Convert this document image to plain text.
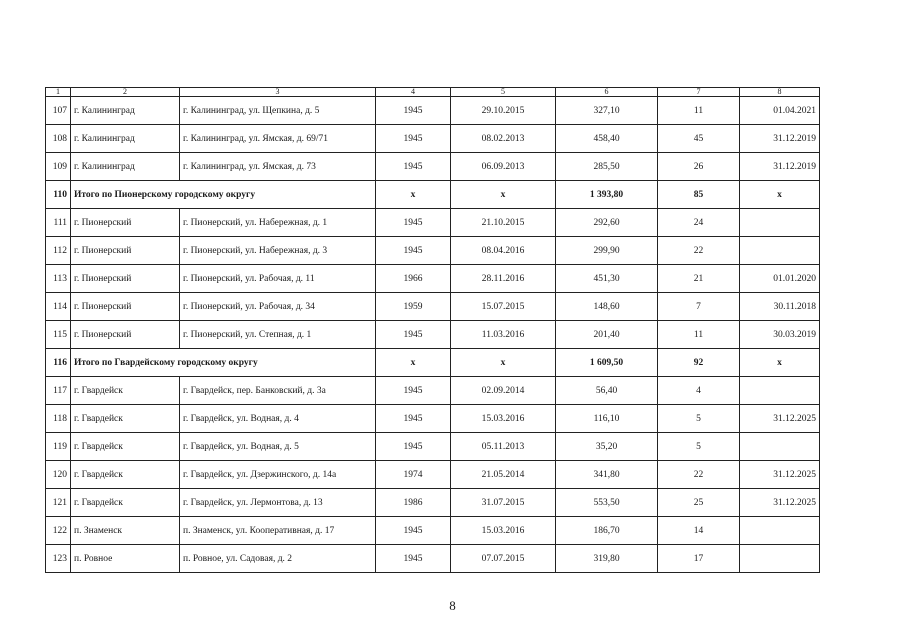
1	2	3	4	5	6	7	8
107	г. Калининград	г. Калининград, ул. Щепкина, д. 5	1945	29.10.2015	327,10	11	01.04.2021
108	г. Калининград	г. Калининград, ул. Ямская, д. 69/71	1945	08.02.2013	458,40	45	31.12.2019
109	г. Калининград	г. Калининград, ул. Ямская, д. 73	1945	06.09.2013	285,50	26	31.12.2019
110	Итого по Пионерскому городскому округу		x	x	1 393,80	85	x
111	г. Пионерский	г. Пионерский, ул. Набережная, д. 1	1945	21.10.2015	292,60	24	
112	г. Пионерский	г. Пионерский, ул. Набережная, д. 3	1945	08.04.2016	299,90	22	
113	г. Пионерский	г. Пионерский, ул. Рабочая, д. 11	1966	28.11.2016	451,30	21	01.01.2020
114	г. Пионерский	г. Пионерский, ул. Рабочая, д. 34	1959	15.07.2015	148,60	7	30.11.2018
115	г. Пионерский	г. Пионерский, ул. Степная, д. 1	1945	11.03.2016	201,40	11	30.03.2019
116	Итого по Гвардейскому городскому округу		x	x	1 609,50	92	x
117	г. Гвардейск	г. Гвардейск, пер. Банковский, д. 3а	1945	02.09.2014	56,40	4	
118	г. Гвардейск	г. Гвардейск, ул. Водная, д. 4	1945	15.03.2016	116,10	5	31.12.2025
119	г. Гвардейск	г. Гвардейск, ул. Водная, д. 5	1945	05.11.2013	35,20	5	
120	г. Гвардейск	г. Гвардейск, ул. Дзержинского, д. 14а	1974	21.05.2014	341,80	22	31.12.2025
121	г. Гвардейск	г. Гвардейск, ул. Лермонтова, д. 13	1986	31.07.2015	553,50	25	31.12.2025
122	п. Знаменск	п. Знаменск, ул. Кооперативная, д. 17	1945	15.03.2016	186,70	14	
123	п. Ровное	п. Ровное, ул. Садовая, д. 2	1945	07.07.2015	319,80	17	
8
